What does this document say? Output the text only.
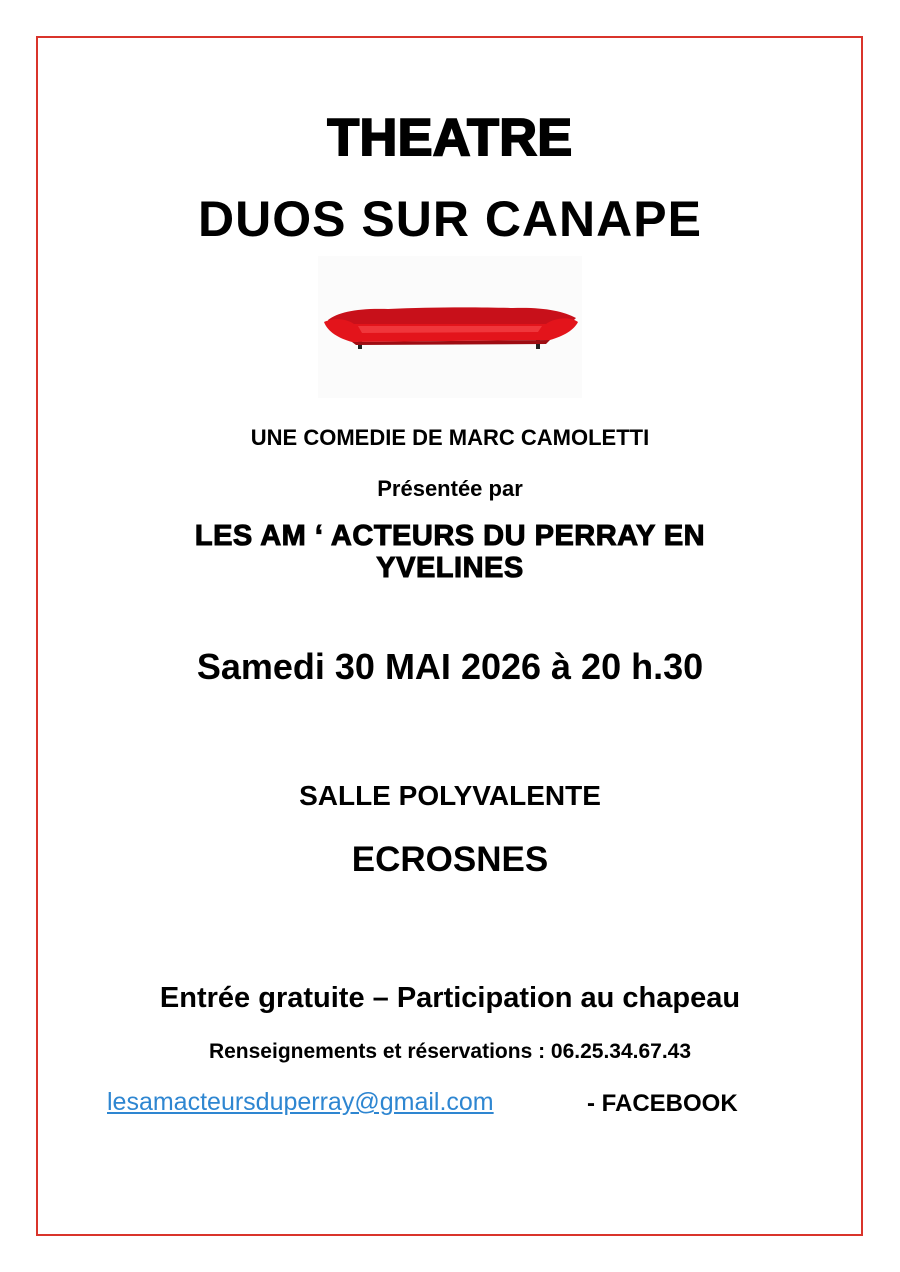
THEATRE
DUOS SUR CANAPE
UNE COMEDIE DE MARC CAMOLETTI
Présentée par
LES AM ‘ ACTEURS DU PERRAY EN
YVELINES
Samedi 30 MAI 2026 à 20 h.30
SALLE POLYVALENTE
ECROSNES
Entrée gratuite – Participation au chapeau
Renseignements et réservations : 06.25.34.67.43
lesamacteursduperray@gmail.com	- FACEBOOK
